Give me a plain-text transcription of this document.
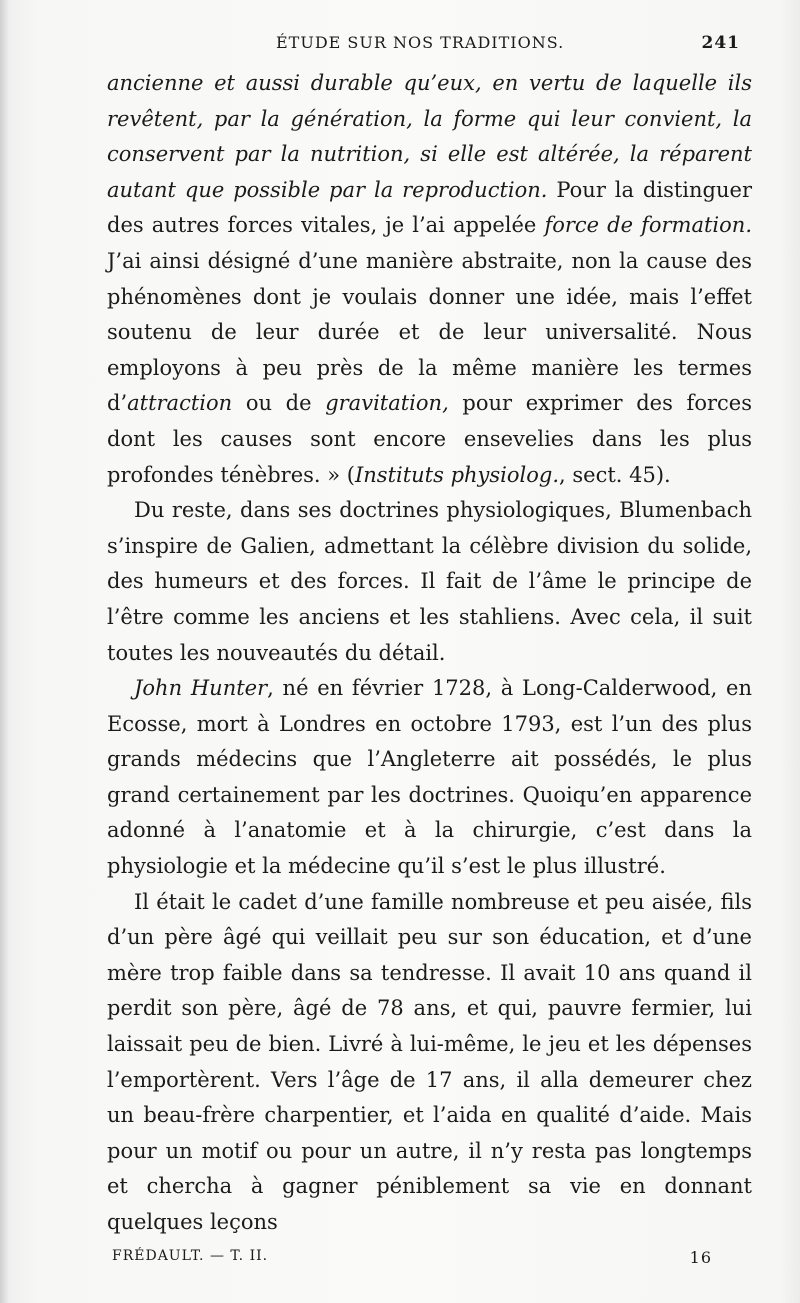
ÉTUDE SUR NOS TRADITIONS.	241

ancienne et aussi durable qu’eux, en vertu de laquelle ils revêtent, par la génération, la forme qui leur convient, la conservent par la nutrition, si elle est altérée, la réparent autant que possible par la reproduction. Pour la distinguer des autres forces vitales, je l’ai appelée force de formation. J’ai ainsi désigné d’une manière abstraite, non la cause des phénomènes dont je voulais donner une idée, mais l’effet soutenu de leur durée et de leur universalité. Nous employons à peu près de la même manière les termes d’attraction ou de gravitation, pour exprimer des forces dont les causes sont encore ensevelies dans les plus profondes ténèbres. » (Instituts physiolog., sect. 45).

Du reste, dans ses doctrines physiologiques, Blumenbach s’inspire de Galien, admettant la célèbre division du solide, des humeurs et des forces. Il fait de l’âme le principe de l’être comme les anciens et les stahliens. Avec cela, il suit toutes les nouveautés du détail.

John Hunter, né en février 1728, à Long-Calderwood, en Ecosse, mort à Londres en octobre 1793, est l’un des plus grands médecins que l’Angleterre ait possédés, le plus grand certainement par les doctrines. Quoiqu’en apparence adonné à l’anatomie et à la chirurgie, c’est dans la physiologie et la médecine qu’il s’est le plus illustré.

Il était le cadet d’une famille nombreuse et peu aisée, fils d’un père âgé qui veillait peu sur son éducation, et d’une mère trop faible dans sa tendresse. Il avait 10 ans quand il perdit son père, âgé de 78 ans, et qui, pauvre fermier, lui laissait peu de bien. Livré à lui-même, le jeu et les dépenses l’emportèrent. Vers l’âge de 17 ans, il alla demeurer chez un beau-frère charpentier, et l’aida en qualité d’aide. Mais pour un motif ou pour un autre, il n’y resta pas longtemps et chercha à gagner péniblement sa vie en donnant quelques leçons

FRÉDAULT. — T. II.	16
